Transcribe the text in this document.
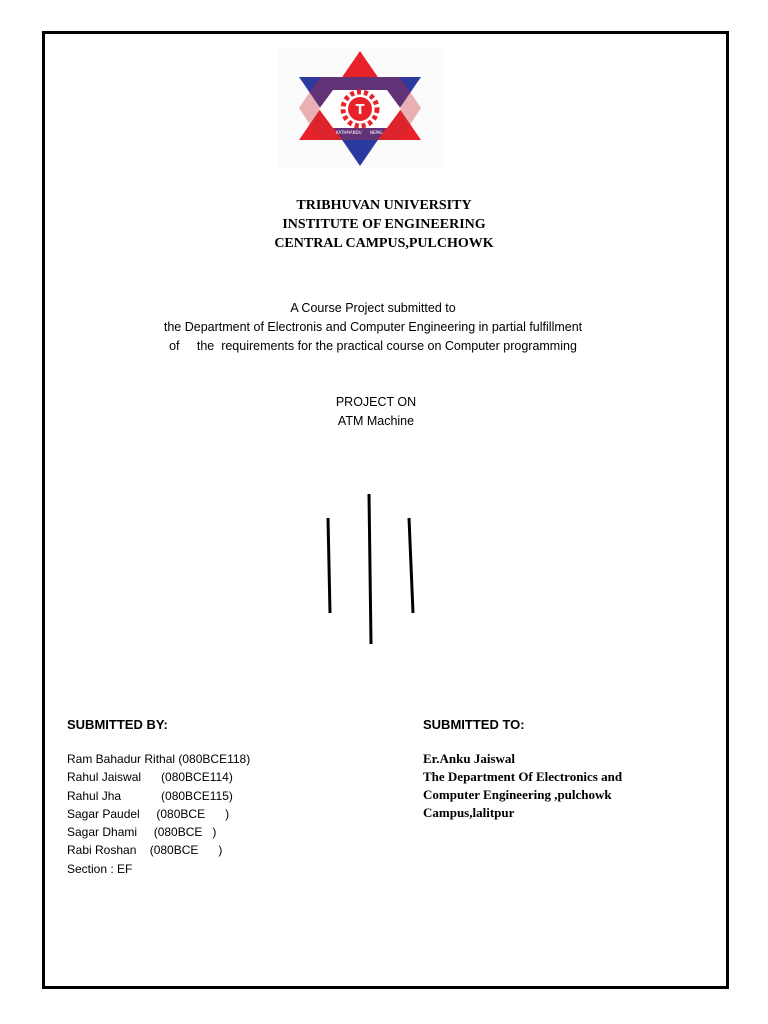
T
KATHMANDU NEPAL
TRIBHUVAN UNIVERSITY
INSTITUTE OF ENGINEERING
CENTRAL CAMPUS,PULCHOWK
A Course Project submitted to
the Department of Electronis and Computer Engineering in partial fulfillment
of     the  requirements for the practical course on Computer programming
PROJECT ON
ATM Machine
SUBMITTED BY:
Ram Bahadur Rithal (080BCE118)
Rahul Jaiswal      (080BCE114)
Rahul Jha            (080BCE115)
Sagar Paudel     (080BCE      )
Sagar Dhami     (080BCE   )
Rabi Roshan    (080BCE      )
Section : EF
SUBMITTED TO:
Er.Anku Jaiswal
The Department Of Electronics and Computer Engineering ,pulchowk Campus,lalitpur
